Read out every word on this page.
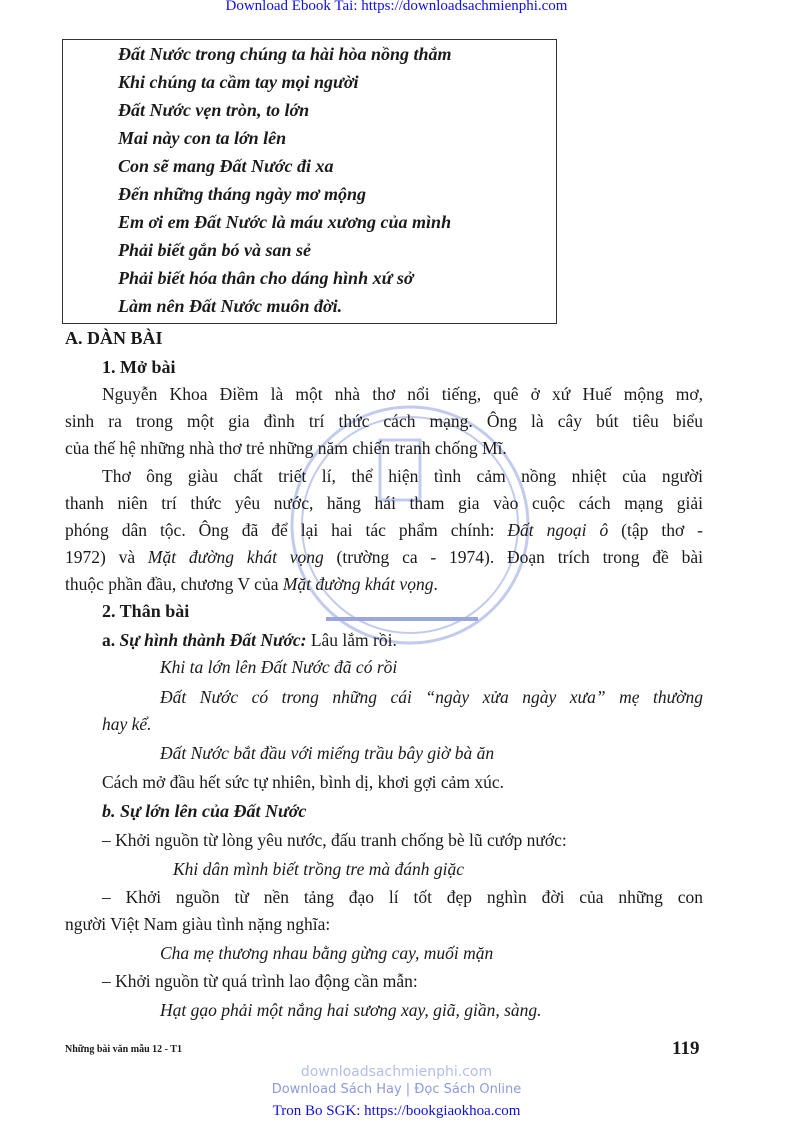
Download Ebook Tai: https://downloadsachmienphi.com
Đất Nước trong chúng ta hài hòa nồng thắm
Khi chúng ta cầm tay mọi người
Đất Nước vẹn tròn, to lớn
Mai này con ta lớn lên
Con sẽ mang Đất Nước đi xa
Đến những tháng ngày mơ mộng
Em ơi em Đất Nước là máu xương của mình
Phải biết gắn bó và san sẻ
Phải biết hóa thân cho dáng hình xứ sở
Làm nên Đất Nước muôn đời.
A. DÀN BÀI
1. Mở bài
Nguyễn Khoa Điềm là một nhà thơ nổi tiếng, quê ở xứ Huế mộng mơ,
sinh ra trong một gia đình trí thức cách mạng. Ông là cây bút tiêu biểu
của thế hệ những nhà thơ trẻ những năm chiến tranh chống Mĩ.
Thơ ông giàu chất triết lí, thể hiện tình cảm nồng nhiệt của người
thanh niên trí thức yêu nước, hăng hái tham gia vào cuộc cách mạng giải
phóng dân tộc. Ông đã để lại hai tác phẩm chính: Đất ngoại ô (tập thơ -
1972) và Mặt đường khát vọng (trường ca - 1974). Đoạn trích trong đề bài
thuộc phần đầu, chương V của Mặt đường khát vọng.
2. Thân bài
a. Sự hình thành Đất Nước: Lâu lắm rồi.
Khi ta lớn lên Đất Nước đã có rồi
Đất Nước có trong những cái “ngày xửa ngày xưa” mẹ thường
hay kể.
Đất Nước bắt đầu với miếng trầu bây giờ bà ăn
Cách mở đầu hết sức tự nhiên, bình dị, khơi gợi cảm xúc.
b. Sự lớn lên của Đất Nước
– Khởi nguồn từ lòng yêu nước, đấu tranh chống bè lũ cướp nước:
Khi dân mình biết trồng tre mà đánh giặc
– Khởi nguồn từ nền tảng đạo lí tốt đẹp nghìn đời của những con
người Việt Nam giàu tình nặng nghĩa:
Cha mẹ thương nhau bằng gừng cay, muối mặn
– Khởi nguồn từ quá trình lao động cần mẫn:
Hạt gạo phải một nắng hai sương xay, giã, giần, sàng.
Những bài văn mẫu 12 - T1	119
downloadsachmienphi.com
Download Sách Hay | Đọc Sách Online
Tron Bo SGK: https://bookgiaokhoa.com
